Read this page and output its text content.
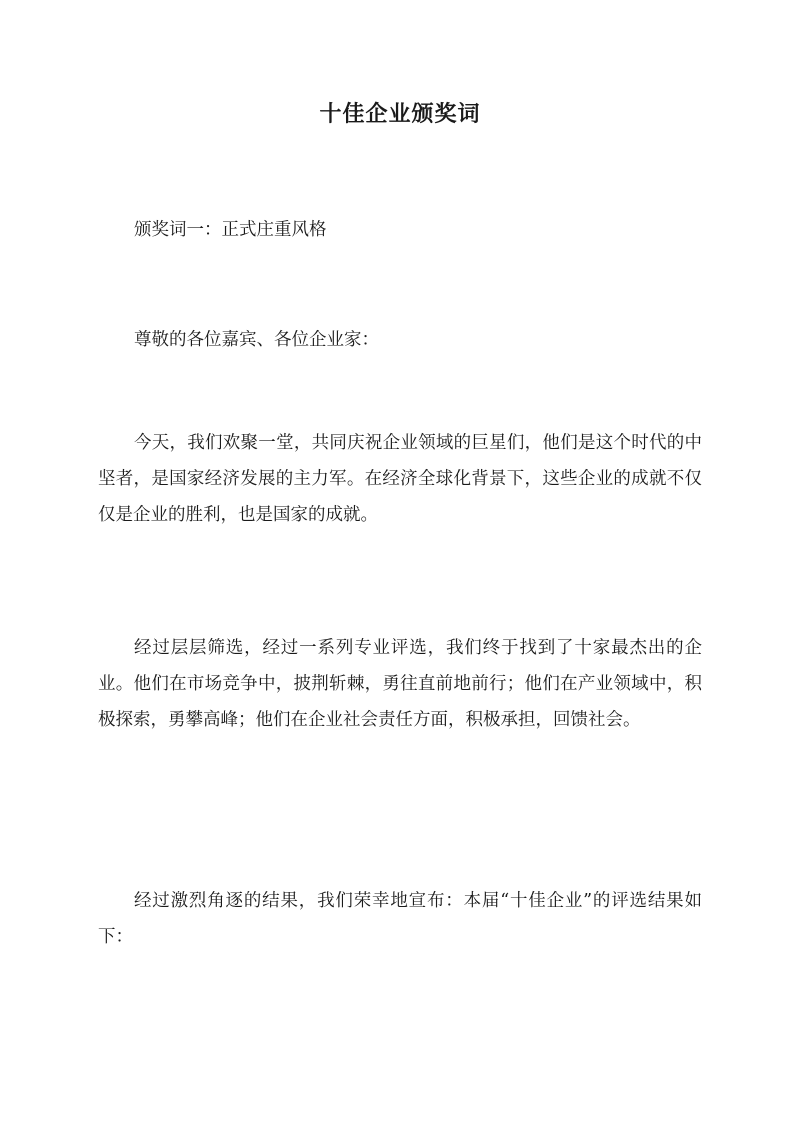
十佳企业颁奖词

颁奖词一：正式庄重风格

尊敬的各位嘉宾、各位企业家：

今天，我们欢聚一堂，共同庆祝企业领域的巨星们，他们是这个时代的中坚者，是国家经济发展的主力军。在经济全球化背景下，这些企业的成就不仅仅是企业的胜利，也是国家的成就。

经过层层筛选，经过一系列专业评选，我们终于找到了十家最杰出的企业。他们在市场竞争中，披荆斩棘，勇往直前地前行；他们在产业领域中，积极探索，勇攀高峰；他们在企业社会责任方面，积极承担，回馈社会。

经过激烈角逐的结果，我们荣幸地宣布：本届“十佳企业”的评选结果如下：
